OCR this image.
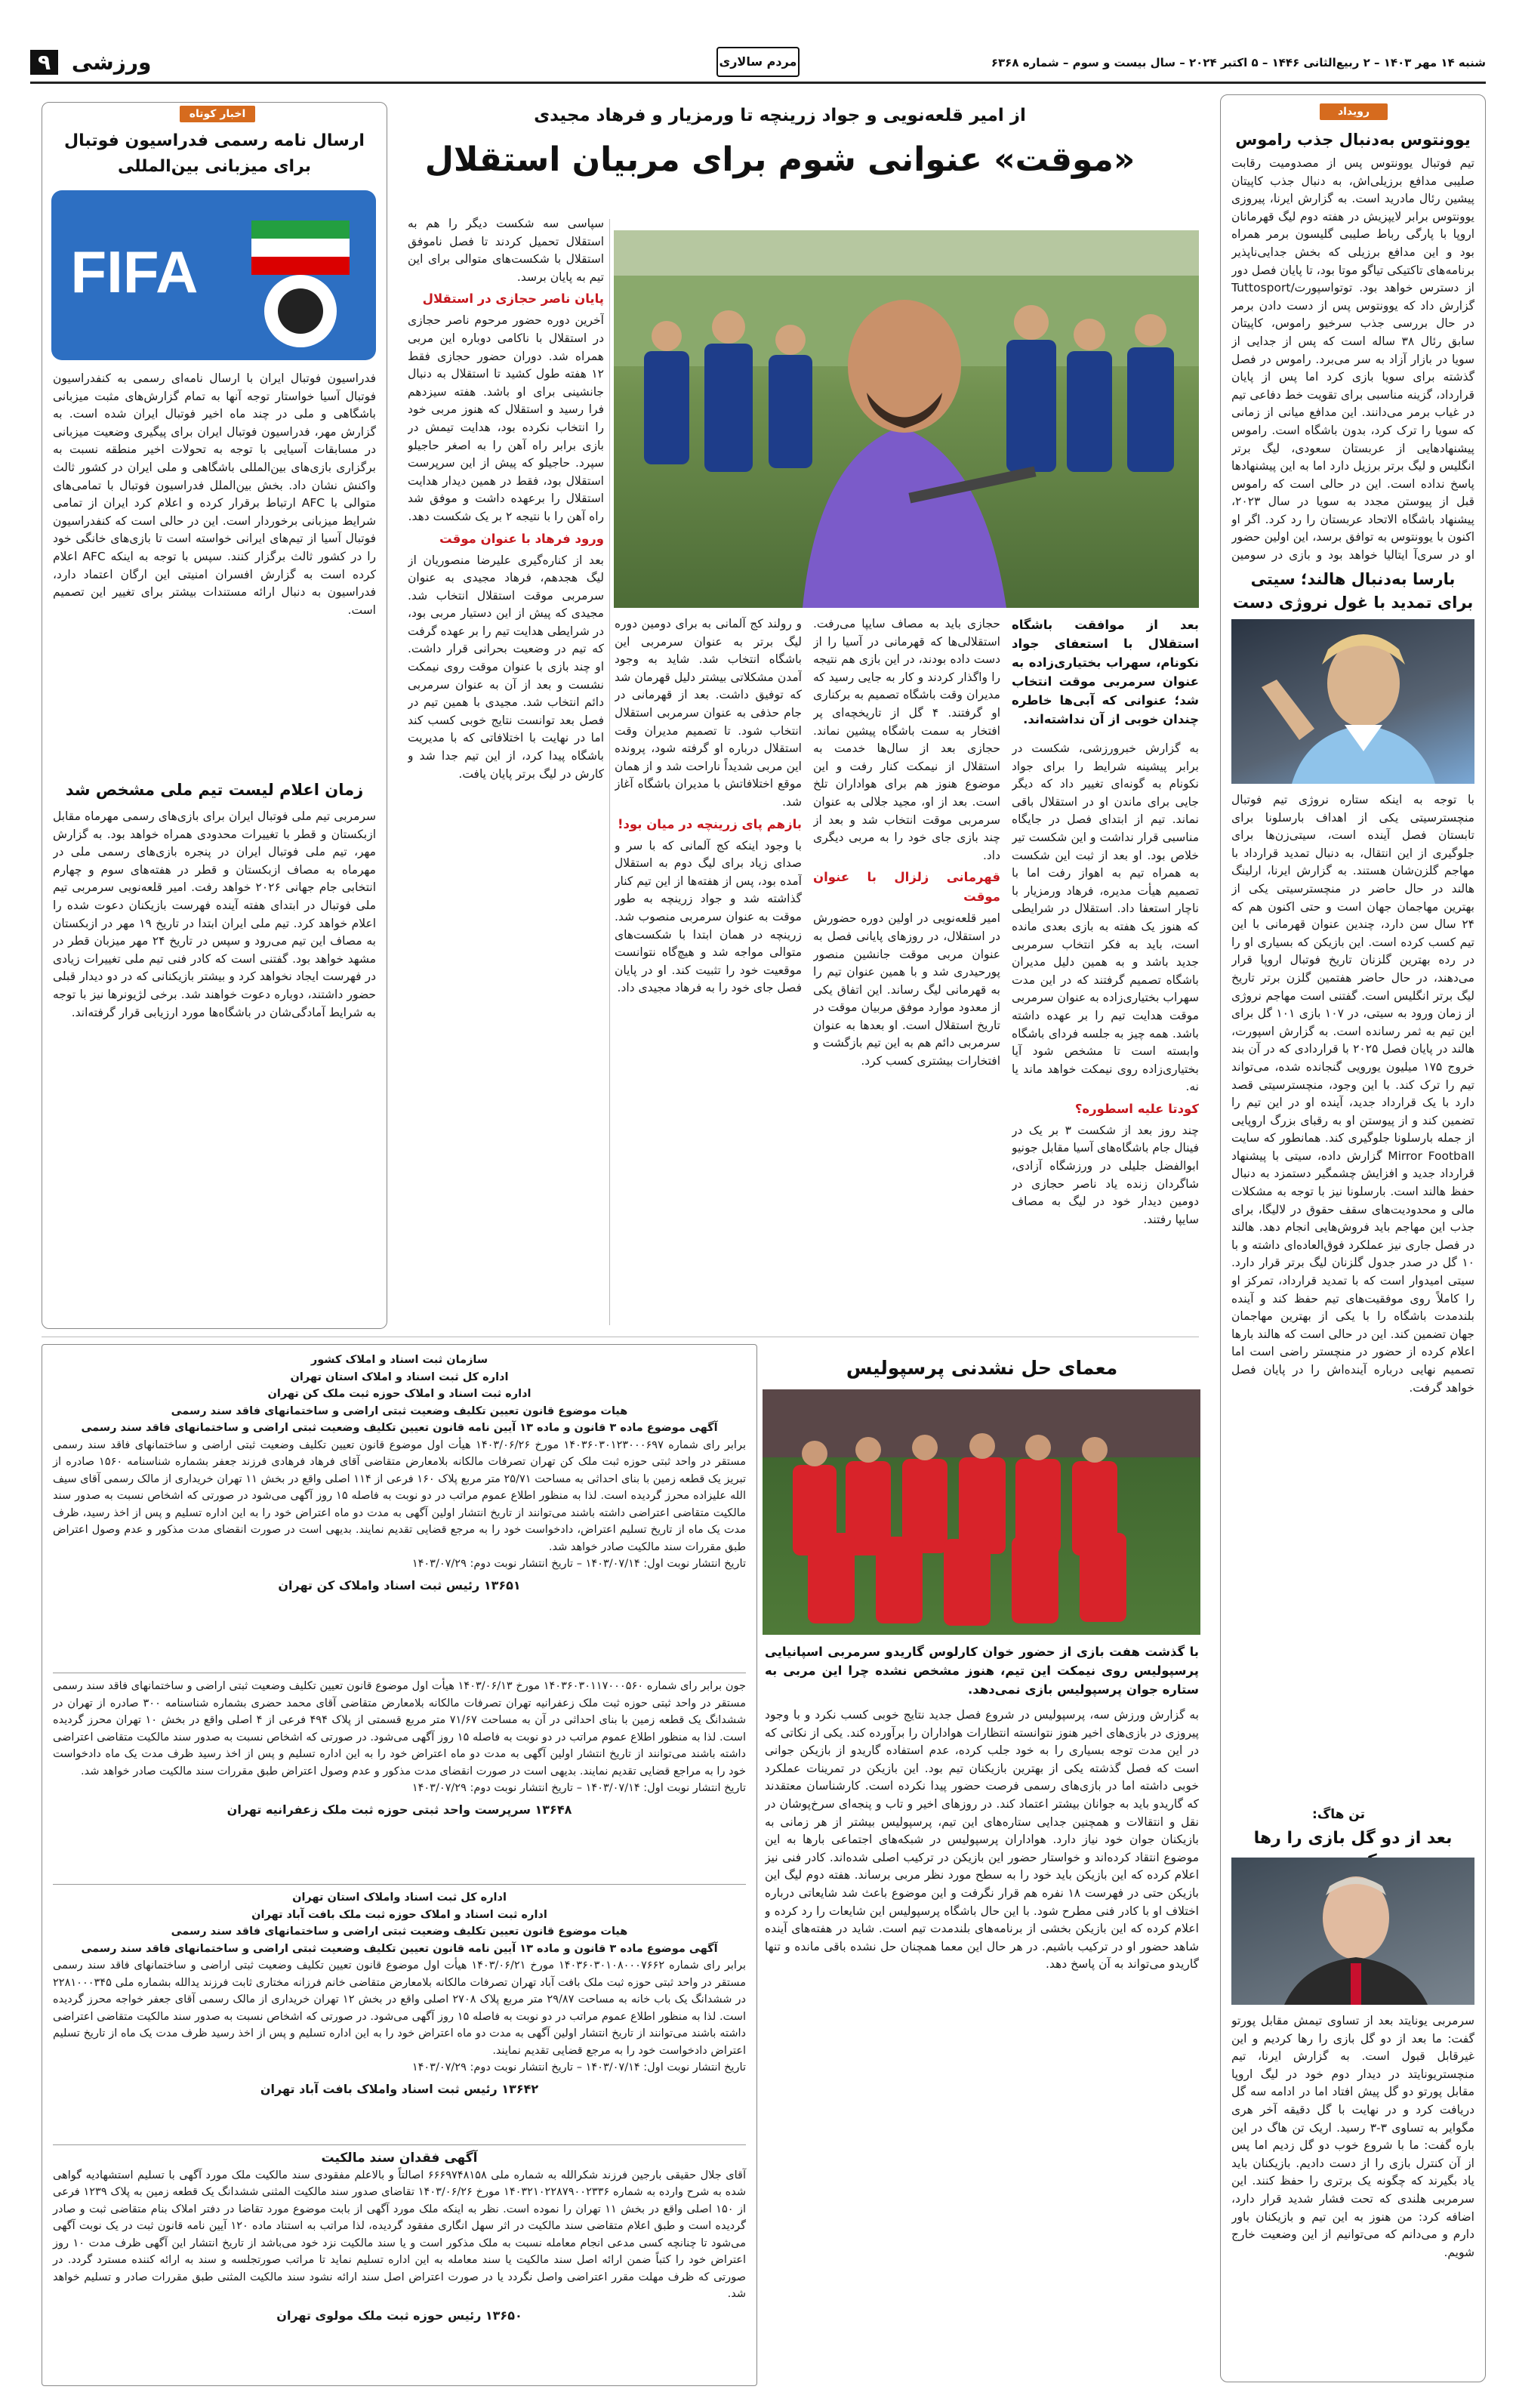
ورزشی ۹	مردم سالاری	شنبه ۱۴ مهر ۱۴۰۳ – ۲ ربیع‌الثانی ۱۴۴۶ – ۵ اکتبر ۲۰۲۴ – سال بیست و سوم – شماره ۶۳۶۸
رویداد
یوونتوس به‌دنبال جذب راموس
تیم فوتبال یوونتوس پس از مصدومیت رقابت صلیبی مدافع برزیلی‌اش، به دنبال جذب کاپیتان پیشین رئال مادرید است. به گزارش ایرنا، پیروزی یوونتوس برابر لایپزیش در هفته دوم لیگ قهرمانان اروپا با پارگی رباط صلیبی گلیسون برمر همراه بود و این مدافع برزیلی که بخش جدایی‌ناپذیر برنامه‌های تاکتیکی تیاگو موتا بود، تا پایان فصل دور از دسترس خواهد بود. توتواسپورت/Tuttosport گزارش داد که یوونتوس پس از دست دادن برمر در حال بررسی جذب سرخیو راموس، کاپیتان سابق رئال ۳۸ ساله است که پس از جدایی از سویا در بازار آزاد به سر می‌برد. راموس در فصل گذشته برای سویا بازی کرد اما پس از پایان قرارداد، گزینه مناسبی برای تقویت خط دفاعی تیم در غیاب برمر می‌دانند. این مدافع میانی از زمانی که سویا را ترک کرد، بدون باشگاه است. راموس پیشنهادهایی از عربستان سعودی، لیگ برتر انگلیس و لیگ برتر برزیل دارد اما به این پیشنهادها پاسخ نداده است. این در حالی است که راموس قبل از پیوستن مجدد به سویا در سال ۲۰۲۳، پیشنهاد باشگاه الاتحاد عربستان را رد کرد. اگر او اکنون با یوونتوس به توافق برسد، این اولین حضور او در سری‌آ ایتالیا خواهد بود و بازی در سومین
بارسا به‌دنبال هالند؛ سیتی برای تمدید با غول نروژی دست
با توجه به اینکه ستاره نروژی تیم فوتبال منچسترسیتی یکی از اهداف بارسلونا برای تابستان فصل آینده است، سیتی‌زن‌ها برای جلوگیری از این انتقال، به دنبال تمدید قرارداد با مهاجم گلزن‌شان هستند. به گزارش ایرنا، ارلینگ هالند در حال حاضر در منچسترسیتی یکی از بهترین مهاجمان جهان است و حتی اکنون هم که ۲۴ سال سن دارد، چندین عنوان قهرمانی با این تیم کسب کرده است. این بازیکن که بسیاری او را در رده بهترین گلزنان تاریخ فوتبال اروپا قرار می‌دهند، در حال حاضر هفتمین گلزن برتر تاریخ لیگ برتر انگلیس است. گفتنی است مهاجم نروژی از زمان ورود به سیتی، در ۱۰۷ بازی ۱۰۱ گل برای این تیم به ثمر رسانده است. به گزارش اسپورت، هالند در پایان فصل ۲۰۲۵ با قراردادی که در آن بند خروج ۱۷۵ میلیون یورویی گنجانده شده، می‌تواند تیم را ترک کند. با این وجود، منچسترسیتی قصد دارد با یک قرارداد جدید، آینده او در این تیم را تضمین کند و از پیوستن او به رقبای بزرگ اروپایی از جمله بارسلونا جلوگیری کند. همانطور که سایت Mirror Football گزارش داده، سیتی با پیشنهاد قرارداد جدید و افزایش چشمگیر دستمزد به دنبال حفظ هالند است. بارسلونا نیز با توجه به مشکلات مالی و محدودیت‌های سقف حقوق در لالیگا، برای جذب این مهاجم باید فروش‌هایی انجام دهد. هالند در فصل جاری نیز عملکرد فوق‌العاده‌ای داشته و با ۱۰ گل در صدر جدول گلزنان لیگ برتر قرار دارد. سیتی امیدوار است که با تمدید قرارداد، تمرکز او را کاملاً روی موفقیت‌های تیم حفظ کند و آینده بلندمدت باشگاه را با یکی از بهترین مهاجمان جهان تضمین کند. این در حالی است که هالند بارها اعلام کرده از حضور در منچستر راضی است اما تصمیم نهایی درباره آینده‌اش را در پایان فصل خواهد گرفت.
تن هاگ:
بعد از دو گل بازی را رها
سرمربی یونایتد بعد از تساوی تیمش مقابل پورتو گفت: ما بعد از دو گل بازی را رها کردیم و این غیرقابل قبول است. به گزارش ایرنا، تیم منچستریونایتد در دیدار دوم خود در لیگ اروپا مقابل پورتو دو گل پیش افتاد اما در ادامه سه گل دریافت کرد و در نهایت با گل دقیقه آخر هری مگوایر به تساوی ۳-۳ رسید. اریک تن هاگ در این باره گفت: ما با شروع خوب دو گل زدیم اما پس از آن کنترل بازی را از دست دادیم. بازیکنان باید یاد بگیرند که چگونه یک برتری را حفظ کنند. این سرمربی هلندی که تحت فشار شدید قرار دارد، اضافه کرد: من هنوز به این تیم و بازیکنان باور دارم و می‌دانم که می‌توانیم از این وضعیت خارج شویم.
از امیر قلعه‌نویی و جواد زرینچه تا ورمزیار و فرهاد مجیدی
«موقت» عنوانی شوم برای مربیان استقلال
بعد از موافقت باشگاه استقلال با استعفای جواد نکونام، سهراب بختیاری‌زاده به عنوان سرمربی موقت انتخاب شد؛ عنوانی که آبی‌ها خاطره چندان خوبی از آن نداشته‌اند.

به گزارش خبرورزشی، شکست در برابر پیشینه شرایط را برای جواد نکونام به گونه‌ای تغییر داد که دیگر جایی برای ماندن او در استقلال باقی نماند. تیم از ابتدای فصل در جایگاه مناسبی قرار نداشت و این شکست تیر خلاص بود. او بعد از ثبت این شکست به همراه تیم به اهواز رفت اما با تصمیم هیأت مدیره، فرهاد ورمزیار با ناچار استعفا داد. استقلال در شرایطی که هنوز یک هفته به بازی بعدی مانده است، باید به فکر انتخاب سرمربی جدید باشد و به همین دلیل مدیران باشگاه تصمیم گرفتند که در این مدت سهراب بختیاری‌زاده به عنوان سرمربی موقت هدایت تیم را بر عهده داشته باشد. همه چیز به جلسه فردای باشگاه وابسته است تا مشخص شود آیا بختیاری‌زاده روی نیمکت خواهد ماند یا نه.

کودتا علیه اسطوره؟

چند روز بعد از شکست ۳ بر یک در فینال جام باشگاه‌های آسیا مقابل جونیو ابوالفضل جلیلی در ورزشگاه آزادی، شاگردان زنده یاد ناصر حجازی در دومین دیدار خود در لیگ به مصاف سایپا رفتند.

حجازی باید به مصاف سایپا می‌رفت. استقلالی‌ها که قهرمانی در آسیا را از دست داده بودند، در این بازی هم نتیجه را واگذار کردند و کار به جایی رسید که مدیران وقت باشگاه تصمیم به برکناری او گرفتند. ۴ گل از تاریخچه‌ای پر افتخار به سمت باشگاه پیشین نماند. حجازی بعد از سال‌ها خدمت به استقلال از نیمکت کنار رفت و این موضوع هنوز هم برای هواداران تلخ است. بعد از او، مجید جلالی به عنوان سرمربی موقت انتخاب شد و بعد از چند بازی جای خود را به مربی دیگری داد.

قهرمانی زلزال با عنوان موقت

امیر قلعه‌نویی در اولین دوره حضورش در استقلال، در روزهای پایانی فصل به عنوان مربی موقت جانشین منصور پورحیدری شد و با همین عنوان تیم را به قهرمانی لیگ رساند. این اتفاق یکی از معدود موارد موفق مربیان موقت در تاریخ استقلال است. او بعدها به عنوان سرمربی دائم هم به این تیم بازگشت و افتخارات بیشتری کسب کرد.

و رولند کج آلمانی به‌ برای دومین دوره لیگ برتر به عنوان سرمربی این باشگاه انتخاب شد. شاید به وجود آمدن مشکلاتی بیشتر دلیل قهرمان شد که توفیق داشت. بعد از قهرمانی در جام حذفی به عنوان سرمربی استقلال انتخاب شود. تا تصمیم مدیران وقت استقلال درباره او گرفته شود، پرونده این مربی شدیداً ناراحت شد و از همان موقع اختلافاتش با مدیران باشگاه آغاز شد.

بازهم پای زرینچه در میان بود!

با وجود اینکه کج آلمانی که با سر و صدای زیاد برای لیگ دوم به استقلال آمده بود، پس از هفته‌ها از این تیم کنار گذاشته شد و جواد زرینچه به طور موقت به عنوان سرمربی منصوب شد. زرینچه در همان ابتدا با شکست‌های متوالی مواجه شد و هیچ‌گاه نتوانست موقعیت خود را تثبیت کند. او در پایان فصل جای خود را به فرهاد مجیدی داد.

سپاسی سه شکست دیگر را هم به استقلال تحمیل کردند تا فصل ناموفق استقلال با شکست‌های متوالی برای این تیم به پایان برسد.

پایان ناصر حجازی در استقلال

آخرین دوره حضور مرحوم ناصر حجازی در استقلال با ناکامی دوباره این مربی همراه شد. دوران حضور حجازی فقط ۱۲ هفته طول کشید تا استقلال به دنبال جانشینی برای او باشد. هفته سیزدهم فرا رسید و استقلال که هنوز مربی خود را انتخاب نکرده بود، هدایت تیمش در بازی برابر راه آهن را به اصغر حاجیلو سپرد. حاجیلو که پیش از این سرپرست استقلال بود، فقط در همین دیدار هدایت استقلال را برعهده داشت و موفق شد راه آهن را با نتیجه ۲ بر یک شکست دهد.

ورود فرهاد با عنوان موقت

بعد از کناره‌گیری علیرضا منصوریان از لیگ هجدهم، فرهاد مجیدی به عنوان سرمربی موقت استقلال انتخاب شد. مجیدی که پیش از این دستیار مربی بود، در شرایطی هدایت تیم را بر عهده گرفت که تیم در وضعیت بحرانی قرار داشت. او چند بازی با عنوان موقت روی نیمکت نشست و بعد از آن به عنوان سرمربی دائم انتخاب شد. مجیدی با همین تیم در فصل بعد توانست نتایج خوبی کسب کند اما در نهایت با اختلافاتی که با مدیریت باشگاه پیدا کرد، از این تیم جدا شد و کارش در لیگ برتر پایان یافت.

اخبار کوتاه
ارسال نامه رسمی فدراسیون فوتبال برای میزبانی بین‌المللی
FIFA
فدراسیون فوتبال ایران با ارسال نامه‌ای رسمی به کنفدراسیون فوتبال آسیا خواستار توجه آنها به تمام گزارش‌های مثبت میزبانی باشگاهی و ملی در چند ماه اخیر فوتبال ایران شده است. به گزارش مهر، فدراسیون فوتبال ایران برای پیگیری وضعیت میزبانی در مسابقات آسیایی با توجه به تحولات اخیر منطقه نسبت به برگزاری بازی‌های بین‌المللی باشگاهی و ملی ایران در کشور ثالث واکنش نشان داد. بخش بین‌الملل فدراسیون فوتبال با تمامی‌های متوالی با AFC ارتباط برقرار کرده و اعلام کرد ایران از تمامی شرایط میزبانی برخوردار است. این در حالی است که کنفدراسیون فوتبال آسیا از تیم‌های ایرانی خواسته است تا بازی‌های خانگی خود را در کشور ثالث برگزار کنند. سپس با توجه به اینکه AFC اعلام کرده است به گزارش افسران امنیتی این ارگان اعتماد دارد، فدراسیون به دنبال ارائه مستندات بیشتر برای تغییر این تصمیم است.
زمان اعلام لیست تیم ملی مشخص شد
سرمربی تیم ملی فوتبال ایران برای بازی‌های رسمی مهرماه مقابل ازبکستان و قطر با تغییرات محدودی همراه خواهد بود. به گزارش مهر، تیم ملی فوتبال ایران در پنجره بازی‌های رسمی ملی در مهرماه به مصاف ازبکستان و قطر در هفته‌های سوم و چهارم انتخابی جام جهانی ۲۰۲۶ خواهد رفت. امیر قلعه‌نویی سرمربی تیم ملی فوتبال در ابتدای هفته آینده فهرست بازیکنان دعوت شده را اعلام خواهد کرد. تیم ملی ایران ابتدا در تاریخ ۱۹ مهر در ازبکستان به مصاف این تیم می‌رود و سپس در تاریخ ۲۴ مهر میزبان قطر در مشهد خواهد بود. گفتنی است که کادر فنی تیم ملی تغییرات زیادی در فهرست ایجاد نخواهد کرد و بیشتر بازیکنانی که در دو دیدار قبلی حضور داشتند، دوباره دعوت خواهند شد. برخی لژیونرها نیز با توجه به شرایط آمادگی‌شان در باشگاه‌ها مورد ارزیابی قرار گرفته‌اند.
معمای حل نشدنی پرسپولیس
با گذشت هفت بازی از حضور خوان کارلوس گاریدو سرمربی اسپانیایی پرسپولیس روی نیمکت این تیم، هنوز مشخص نشده چرا این مربی به ستاره جوان پرسپولیس بازی نمی‌دهد.
به گزارش ورزش سه، پرسپولیس در شروع فصل جدید نتایج خوبی کسب نکرد و با وجود پیروزی در بازی‌های اخیر هنوز نتوانسته انتظارات هواداران را برآورده کند. یکی از نکاتی که در این مدت توجه بسیاری را به خود جلب کرده، عدم استفاده گاریدو از بازیکن جوانی است که فصل گذشته یکی از بهترین بازیکنان تیم بود. این بازیکن در تمرینات عملکرد خوبی داشته اما در بازی‌های رسمی فرصت حضور پیدا نکرده است. کارشناسان معتقدند که گاریدو باید به جوانان بیشتر اعتماد کند. در روزهای اخیر و تاب و پنجه‌ای سرخ‌پوشان در نقل و انتقالات و همچنین جدایی ستاره‌های این تیم، پرسپولیس بیشتر از هر زمانی به بازیکنان جوان خود نیاز دارد. هواداران پرسپولیس در شبکه‌های اجتماعی بارها به این موضوع انتقاد کرده‌اند و خواستار حضور این بازیکن در ترکیب اصلی شده‌اند. کادر فنی نیز اعلام کرده که این بازیکن باید خود را به سطح مورد نظر مربی برساند. هفته دوم لیگ این بازیکن حتی در فهرست ۱۸ نفره هم قرار نگرفت و این موضوع باعث شد شایعاتی درباره اختلاف او با کادر فنی مطرح شود. با این حال باشگاه پرسپولیس این شایعات را رد کرده و اعلام کرده که این بازیکن بخشی از برنامه‌های بلندمدت تیم است. شاید در هفته‌های آینده شاهد حضور او در ترکیب باشیم. در هر حال این معما همچنان حل نشده باقی مانده و تنها گاریدو می‌تواند به آن پاسخ دهد.
سازمان ثبت اسناد و املاک کشور
اداره کل ثبت اسناد و املاک استان تهران
اداره ثبت اسناد و املاک حوزه ثبت ملک کن تهران
هیات موضوع قانون تعیین تکلیف وضعیت ثبتی اراضی و ساختمانهای فاقد سند رسمی
آگهی موضوع ماده ۳ قانون و ماده ۱۳ آیین نامه قانون تعیین تکلیف وضعیت ثبتی اراضی و ساختمانهای فاقد سند رسمی

برابر رای شماره ۱۴۰۳۶۰۳۰۱۲۳۰۰۰۶۹۷ مورخ ۱۴۰۳/۰۶/۲۶ هیأت اول موضوع قانون تعیین تکلیف وضعیت ثبتی اراضی و ساختمانهای فاقد سند رسمی مستقر در واحد ثبتی حوزه ثبت ملک کن تهران تصرفات مالکانه بلامعارض متقاضی آقای فرهاد فرهادی فرزند جعفر بشماره شناسنامه ۱۵۶۰ صادره از تبریز یک قطعه زمین با بنای احداثی به مساحت ۲۵/۷۱ متر مربع پلاک ۱۶۰ فرعی از ۱۱۴ اصلی واقع در بخش ۱۱ تهران خریداری از مالک رسمی آقای سیف الله علیزاده محرز گردیده است. لذا به منظور اطلاع عموم مراتب در دو نوبت به فاصله ۱۵ روز آگهی می‌شود در صورتی که اشخاص نسبت به صدور سند مالکیت متقاضی اعتراضی داشته باشند می‌توانند از تاریخ انتشار اولین آگهی به مدت دو ماه اعتراض خود را به این اداره تسلیم و پس از اخذ رسید، ظرف مدت یک ماه از تاریخ تسلیم اعتراض، دادخواست خود را به مرجع قضایی تقدیم نمایند. بدیهی است در صورت انقضای مدت مذکور و عدم وصول اعتراض طبق مقررات سند مالکیت صادر خواهد شد.

تاریخ انتشار نوبت اول: ۱۴۰۳/۰۷/۱۴ – تاریخ انتشار نوبت دوم: ۱۴۰۳/۰۷/۲۹

۱۳۶۵۱ رئیس ثبت اسناد واملاک کن تهران

جون برابر رای شماره ۱۴۰۳۶۰۳۰۱۱۷۰۰۰۵۶۰ مورخ ۱۴۰۳/۰۶/۱۳ هیأت اول موضوع قانون تعیین تکلیف وضعیت ثبتی اراضی و ساختمانهای فاقد سند رسمی مستقر در واحد ثبتی حوزه ثبت ملک زعفرانیه تهران تصرفات مالکانه بلامعارض متقاضی آقای محمد حضری بشماره شناسنامه ۳۰۰ صادره از تهران در ششدانگ یک قطعه زمین با بنای احداثی در آن به مساحت ۷۱/۶۷ متر مربع قسمتی از پلاک ۴۹۴ فرعی از ۴ اصلی واقع در بخش ۱۰ تهران محرز گردیده است. لذا به منظور اطلاع عموم مراتب در دو نوبت به فاصله ۱۵ روز آگهی می‌شود. در صورتی که اشخاص نسبت به صدور سند مالکیت متقاضی اعتراضی داشته باشند می‌توانند از تاریخ انتشار اولین آگهی به مدت دو ماه اعتراض خود را به این اداره تسلیم و پس از اخذ رسید ظرف مدت یک ماه دادخواست خود را به مراجع قضایی تقدیم نمایند. بدیهی است در صورت انقضای مدت مذکور و عدم وصول اعتراض طبق مقررات سند مالکیت صادر خواهد شد.

تاریخ انتشار نوبت اول: ۱۴۰۳/۰۷/۱۴ – تاریخ انتشار نوبت دوم: ۱۴۰۳/۰۷/۲۹

۱۳۶۴۸ سرپرست واحد ثبتی حوزه ثبت ملک زعفرانیه تهران
اداره کل ثبت اسناد واملاک استان تهران
اداره ثبت اسناد و املاک حوزه ثبت ملک بافت آباد تهران
هیات موضوع قانون تعیین تکلیف وضعیت ثبتی اراضی و ساختمانهای فاقد سند رسمی
آگهی موضوع ماده ۳ قانون و ماده ۱۳ آیین نامه قانون تعیین تکلیف وضعیت ثبتی اراضی و ساختمانهای فاقد سند رسمی

برابر رای شماره ۱۴۰۳۶۰۳۰۱۰۸۰۰۰۷۶۶۲ مورخ ۱۴۰۳/۰۶/۲۱ هیأت اول موضوع قانون تعیین تکلیف وضعیت ثبتی اراضی و ساختمانهای فاقد سند رسمی مستقر در واحد ثبتی حوزه ثبت ملک بافت آباد تهران تصرفات مالکانه بلامعارض متقاضی خانم فرزانه مختاری ثابت فرزند یدالله بشماره ملی ۲۲۸۱۰۰۰۳۴۵ در ششدانگ یک باب خانه به مساحت ۲۹/۸۷ متر مربع پلاک ۲۷۰۸ اصلی واقع در بخش ۱۲ تهران خریداری از مالک رسمی آقای جعفر خواجه محرز گردیده است. لذا به منظور اطلاع عموم مراتب در دو نوبت به فاصله ۱۵ روز آگهی می‌شود. در صورتی که اشخاص نسبت به صدور سند مالکیت متقاضی اعتراضی داشته باشند می‌توانند از تاریخ انتشار اولین آگهی به مدت دو ماه اعتراض خود را به این اداره تسلیم و پس از اخذ رسید ظرف مدت یک ماه از تاریخ تسلیم اعتراض دادخواست خود را به مرجع قضایی تقدیم نمایند.

تاریخ انتشار نوبت اول: ۱۴۰۳/۰۷/۱۴ – تاریخ انتشار نوبت دوم: ۱۴۰۳/۰۷/۲۹

۱۳۶۴۲ رئیس ثبت اسناد واملاک بافت آباد تهران
آگهی فقدان سند مالکیت

آقای جلال حقیقی بارجین فرزند شکرالله به شماره ملی ۶۶۶۹۷۴۸۱۵۸ اصالتاً و بالاعلم مفقودی سند مالکیت ملک مورد آگهی با تسلیم استشهادیه گواهی شده به شرح وارده به شماره ۱۴۰۳۲۱۰۲۲۸۷۹۰۰۲۳۳۶ مورخ ۱۴۰۳/۰۶/۲۶ تقاضای صدور سند مالکیت المثنی ششدانگ یک قطعه زمین به پلاک ۱۲۳۹ فرعی از ۱۵۰ اصلی واقع در بخش ۱۱ تهران را نموده است. نظر به اینکه ملک مورد آگهی از بابت موضوع مورد تقاضا در دفتر املاک بنام متقاضی ثبت و صادر گردیده است و طبق اعلام متقاضی سند مالکیت در اثر سهل انگاری مفقود گردیده، لذا مراتب به استناد ماده ۱۲۰ آیین نامه قانون ثبت در یک نوبت آگهی می‌شود تا چنانچه کسی مدعی انجام معامله نسبت به ملک مذکور است و یا سند مالکیت نزد خود می‌باشد از تاریخ انتشار این آگهی ظرف مدت ۱۰ روز اعتراض خود را کتباً ضمن ارائه اصل سند مالکیت یا سند معامله به این اداره تسلیم نماید تا مراتب صورتجلسه و سند به ارائه کننده مسترد گردد. در صورتی که ظرف مهلت مقرر اعتراضی واصل نگردد یا در صورت اعتراض اصل سند ارائه نشود سند مالکیت المثنی طبق مقررات صادر و تسلیم خواهد شد.

۱۳۶۵۰ رئیس حوزه ثبت ملک مولوی تهران
